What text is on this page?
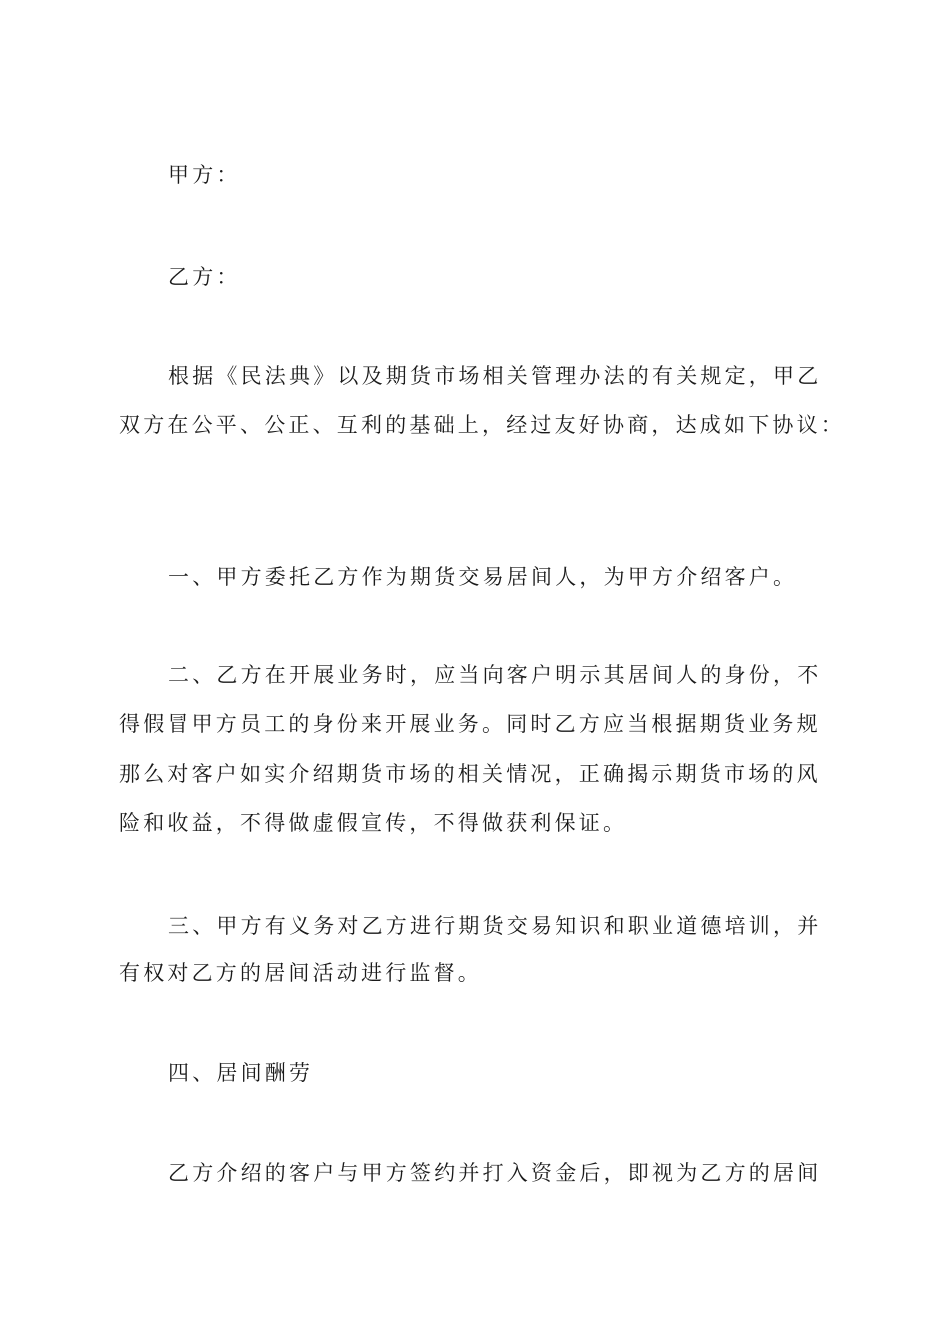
甲方：
乙方：
根据《民法典》以及期货市场相关管理办法的有关规定，甲乙
双方在公平、公正、互利的基础上，经过友好协商，达成如下协议：
一、甲方委托乙方作为期货交易居间人，为甲方介绍客户。
二、乙方在开展业务时，应当向客户明示其居间人的身份，不
得假冒甲方员工的身份来开展业务。同时乙方应当根据期货业务规
那么对客户如实介绍期货市场的相关情况，正确揭示期货市场的风
险和收益，不得做虚假宣传，不得做获利保证。
三、甲方有义务对乙方进行期货交易知识和职业道德培训，并
有权对乙方的居间活动进行监督。
四、居间酬劳
乙方介绍的客户与甲方签约并打入资金后，即视为乙方的居间
